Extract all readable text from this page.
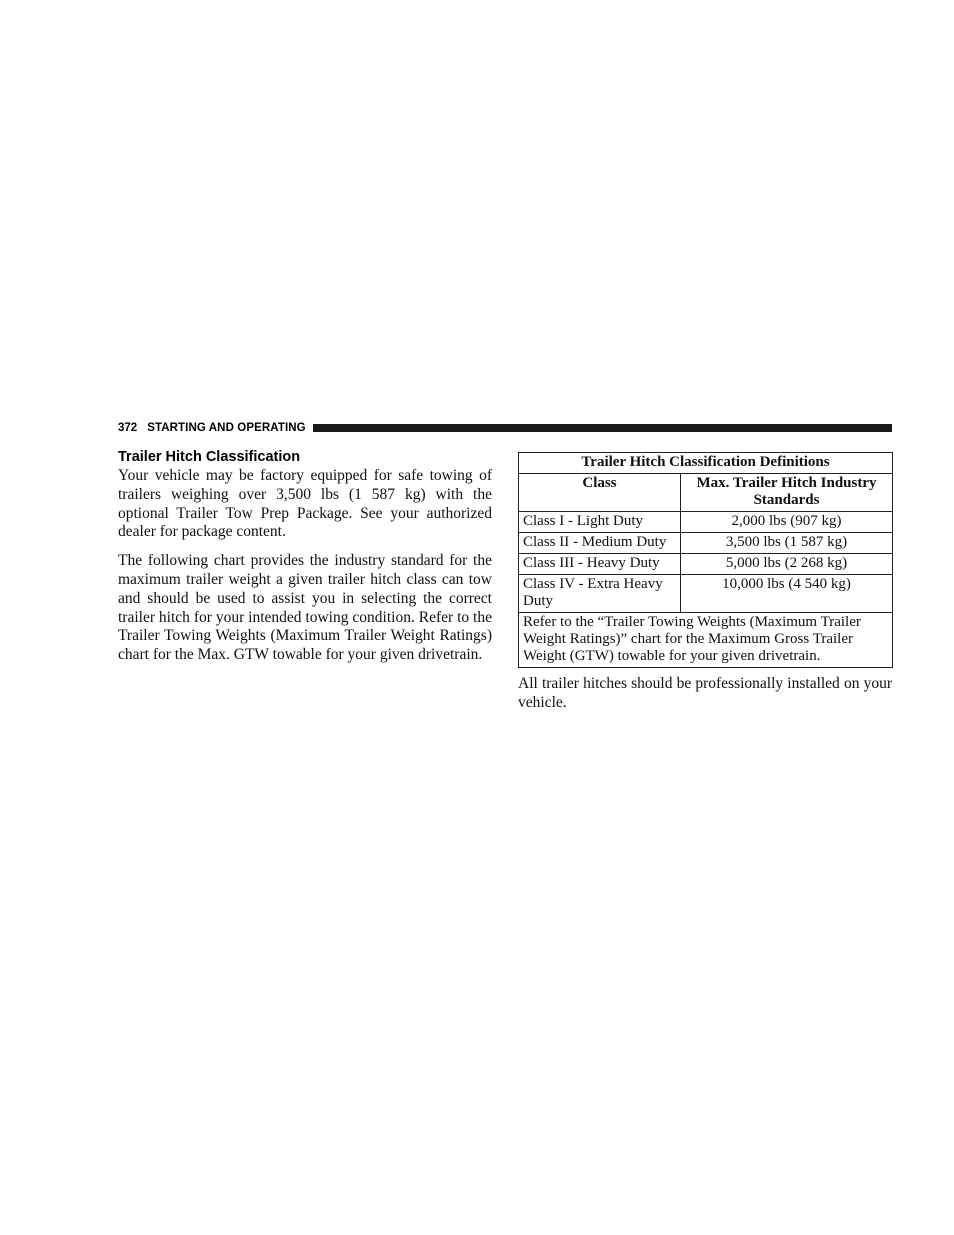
372 STARTING AND OPERATING
Trailer Hitch Classification

Your vehicle may be factory equipped for safe towing of trailers weighing over 3,500 lbs (1 587 kg) with the optional Trailer Tow Prep Package. See your authorized dealer for package content.

The following chart provides the industry standard for the maximum trailer weight a given trailer hitch class can tow and should be used to assist you in selecting the correct trailer hitch for your intended towing condition. Refer to the Trailer Towing Weights (Maximum Trailer Weight Ratings) chart for the Max. GTW towable for your given drivetrain.

Trailer Hitch Classification Definitions	
Class	Max. Trailer Hitch Industry Standards
Class I - Light Duty	2,000 lbs (907 kg)
Class II - Medium Duty	3,500 lbs (1 587 kg)
Class III - Heavy Duty	5,000 lbs (2 268 kg)
Class IV - Extra Heavy Duty	10,000 lbs (4 540 kg)
Refer to the “Trailer Towing Weights (Maximum Trailer Weight Ratings)” chart for the Maximum Gross Trailer Weight (GTW) towable for your given drivetrain.	

All trailer hitches should be professionally installed on your vehicle.
